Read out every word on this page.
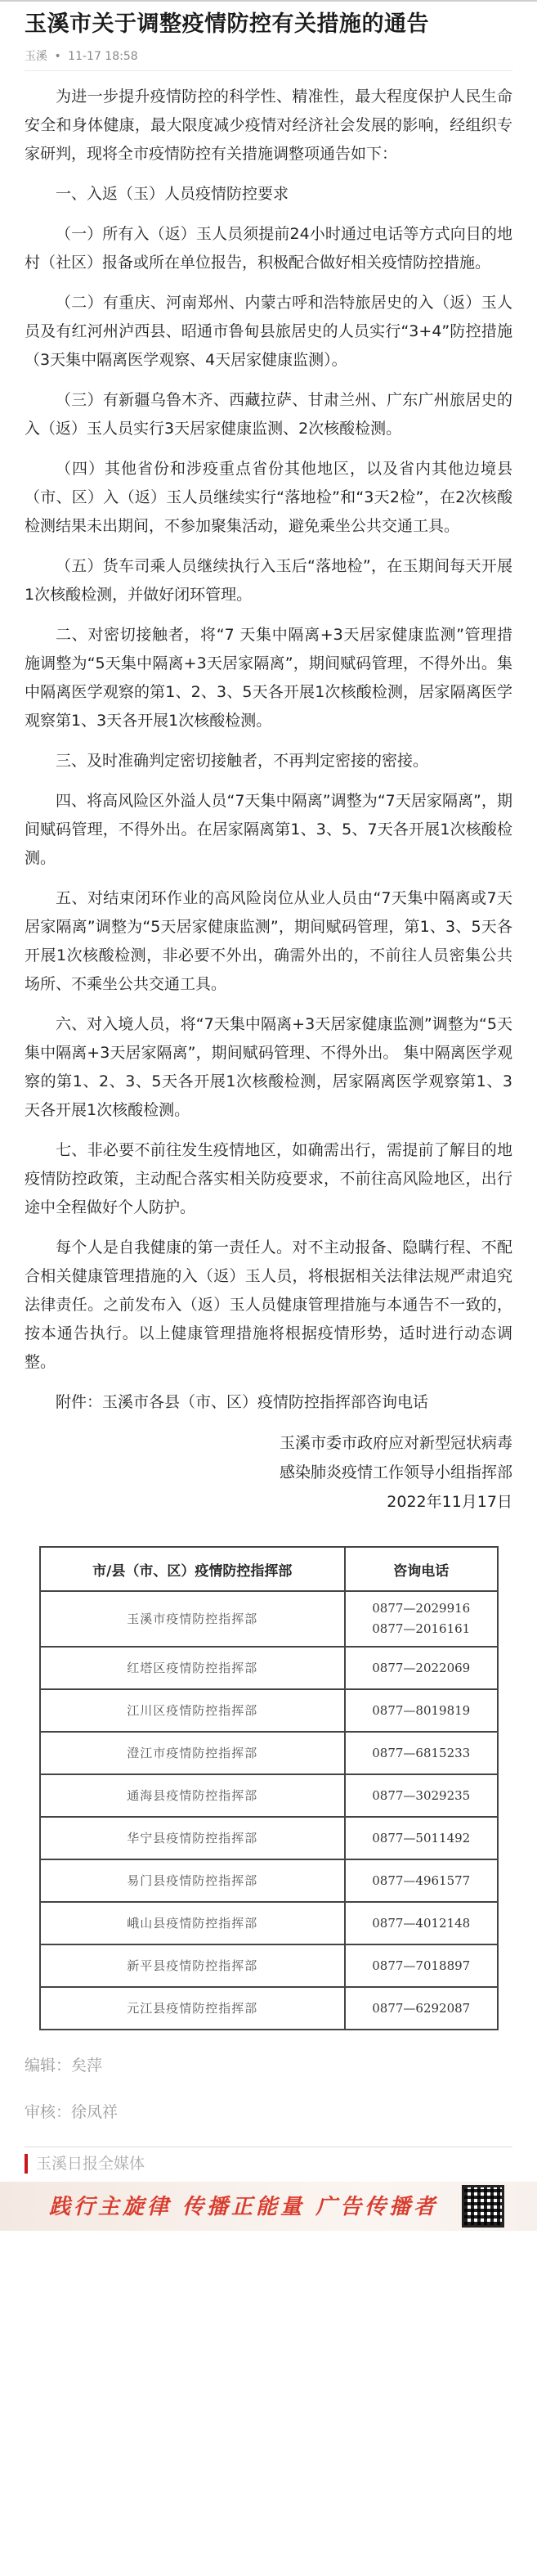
玉溪市关于调整疫情防控有关措施的通告
玉溪 • 11-17 18:58

为进一步提升疫情防控的科学性、精准性，最大程度保护人民生命安全和身体健康，最大限度减少疫情对经济社会发展的影响，经组织专家研判，现将全市疫情防控有关措施调整项通告如下：

一、入返（玉）人员疫情防控要求

（一）所有入（返）玉人员须提前24小时通过电话等方式向目的地村（社区）报备或所在单位报告，积极配合做好相关疫情防控措施。

（二）有重庆、河南郑州、内蒙古呼和浩特旅居史的入（返）玉人员及有红河州泸西县、昭通市鲁甸县旅居史的人员实行“3+4”防控措施（3天集中隔离医学观察、4天居家健康监测）。

（三）有新疆乌鲁木齐、西藏拉萨、甘肃兰州、广东广州旅居史的入（返）玉人员实行3天居家健康监测、2次核酸检测。

（四）其他省份和涉疫重点省份其他地区，以及省内其他边境县（市、区）入（返）玉人员继续实行“落地检”和“3天2检”，在2次核酸检测结果未出期间，不参加聚集活动，避免乘坐公共交通工具。

（五）货车司乘人员继续执行入玉后“落地检”，在玉期间每天开展1次核酸检测，并做好闭环管理。

二、对密切接触者，将“7 天集中隔离+3天居家健康监测”管理措施调整为“5天集中隔离+3天居家隔离”，期间赋码管理，不得外出。集中隔离医学观察的第1、2、3、5天各开展1次核酸检测，居家隔离医学观察第1、3天各开展1次核酸检测。

三、及时准确判定密切接触者，不再判定密接的密接。

四、将高风险区外溢人员“7天集中隔离”调整为“7天居家隔离”，期间赋码管理，不得外出。在居家隔离第1、3、5、7天各开展1次核酸检测。

五、对结束闭环作业的高风险岗位从业人员由“7天集中隔离或7天居家隔离”调整为“5天居家健康监测”，期间赋码管理，第1、3、5天各开展1次核酸检测，非必要不外出，确需外出的，不前往人员密集公共场所、不乘坐公共交通工具。

六、对入境人员，将“7天集中隔离+3天居家健康监测”调整为“5天集中隔离+3天居家隔离”，期间赋码管理、不得外出。 集中隔离医学观察的第1、2、3、5天各开展1次核酸检测，居家隔离医学观察第1、3天各开展1次核酸检测。

七、非必要不前往发生疫情地区，如确需出行，需提前了解目的地疫情防控政策，主动配合落实相关防疫要求，不前往高风险地区，出行途中全程做好个人防护。

每个人是自我健康的第一责任人。对不主动报备、隐瞒行程、不配合相关健康管理措施的入（返）玉人员，将根据相关法律法规严肃追究法律责任。之前发布入（返）玉人员健康管理措施与本通告不一致的，按本通告执行。以上健康管理措施将根据疫情形势，适时进行动态调整。

附件：玉溪市各县（市、区）疫情防控指挥部咨询电话

玉溪市委市政府应对新型冠状病毒

感染肺炎疫情工作领导小组指挥部

2022年11月17日

市/县（市、区）疫情防控指挥部	咨询电话
玉溪市疫情防控指挥部	0877—2029916
0877—2016161

红塔区疫情防控指挥部	0877—2022069
江川区疫情防控指挥部	0877—8019819
澄江市疫情防控指挥部	0877—6815233
通海县疫情防控指挥部	0877—3029235
华宁县疫情防控指挥部	0877—5011492
易门县疫情防控指挥部	0877—4961577
峨山县疫情防控指挥部	0877—4012148
新平县疫情防控指挥部	0877—7018897
元江县疫情防控指挥部	0877—6292087
编辑：矣萍
审核：徐凤祥
玉溪日报全媒体
践行主旋律 传播正能量 广告传播者
